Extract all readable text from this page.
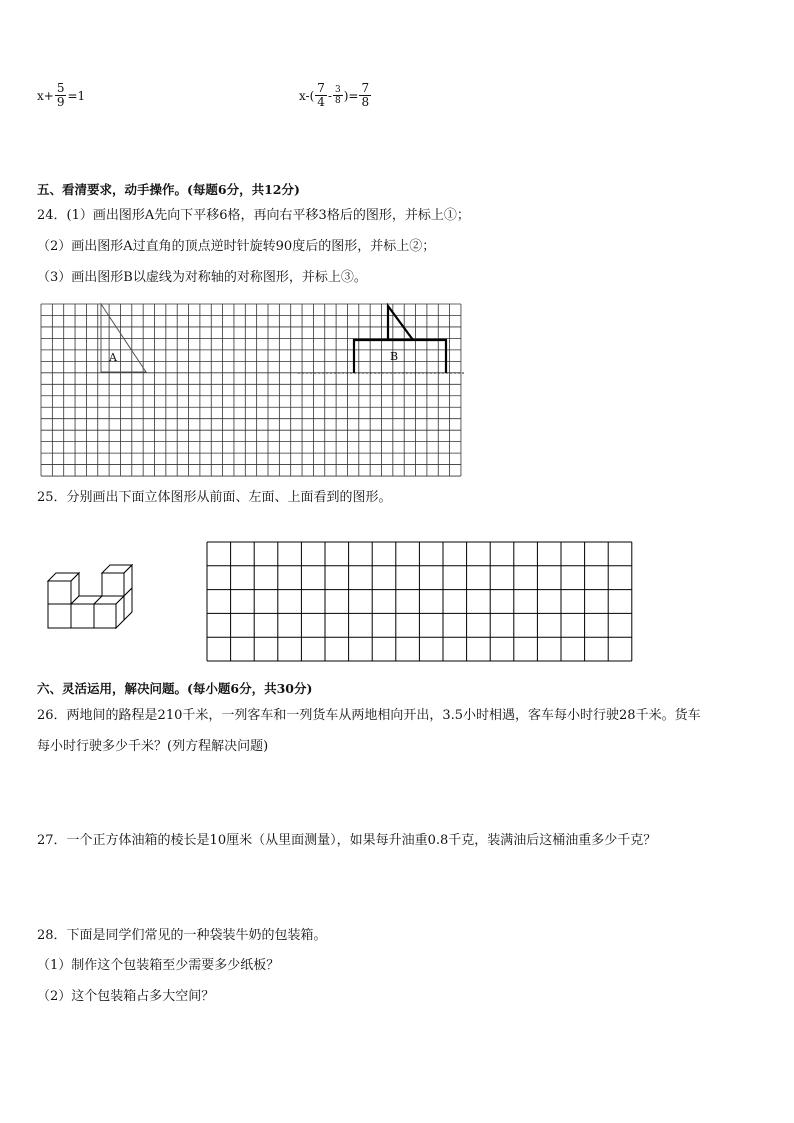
$x+ \frac{5}{9} =1$	$x-( \frac{7}{4} - \frac{3}{8}$ )= $\frac{7}{8}$
五、看清要求，动手操作。(每题6分，共12分)
24．(1）画出图形A先向下平移6格，再向右平移3格后的图形，并标上①；
（2）画出图形A过直角的顶点逆时针旋转90度后的图形，并标上②；
（3）画出图形B以虚线为对称轴的对称图形，并标上③。
A	B
25．分别画出下面立体图形从前面、左面、上面看到的图形。
六、灵活运用，解决问题。(每小题6分，共30分)
26．两地间的路程是210千米，一列客车和一列货车从两地相向开出，3.5小时相遇，客车每小时行驶28千米。货车
每小时行驶多少千米？(列方程解决问题)
27．一个正方体油箱的棱长是10厘米（从里面测量），如果每升油重0.8千克，装满油后这桶油重多少千克？
28．下面是同学们常见的一种袋装牛奶的包装箱。
（1）制作这个包装箱至少需要多少纸板？
（2）这个包装箱占多大空间？
